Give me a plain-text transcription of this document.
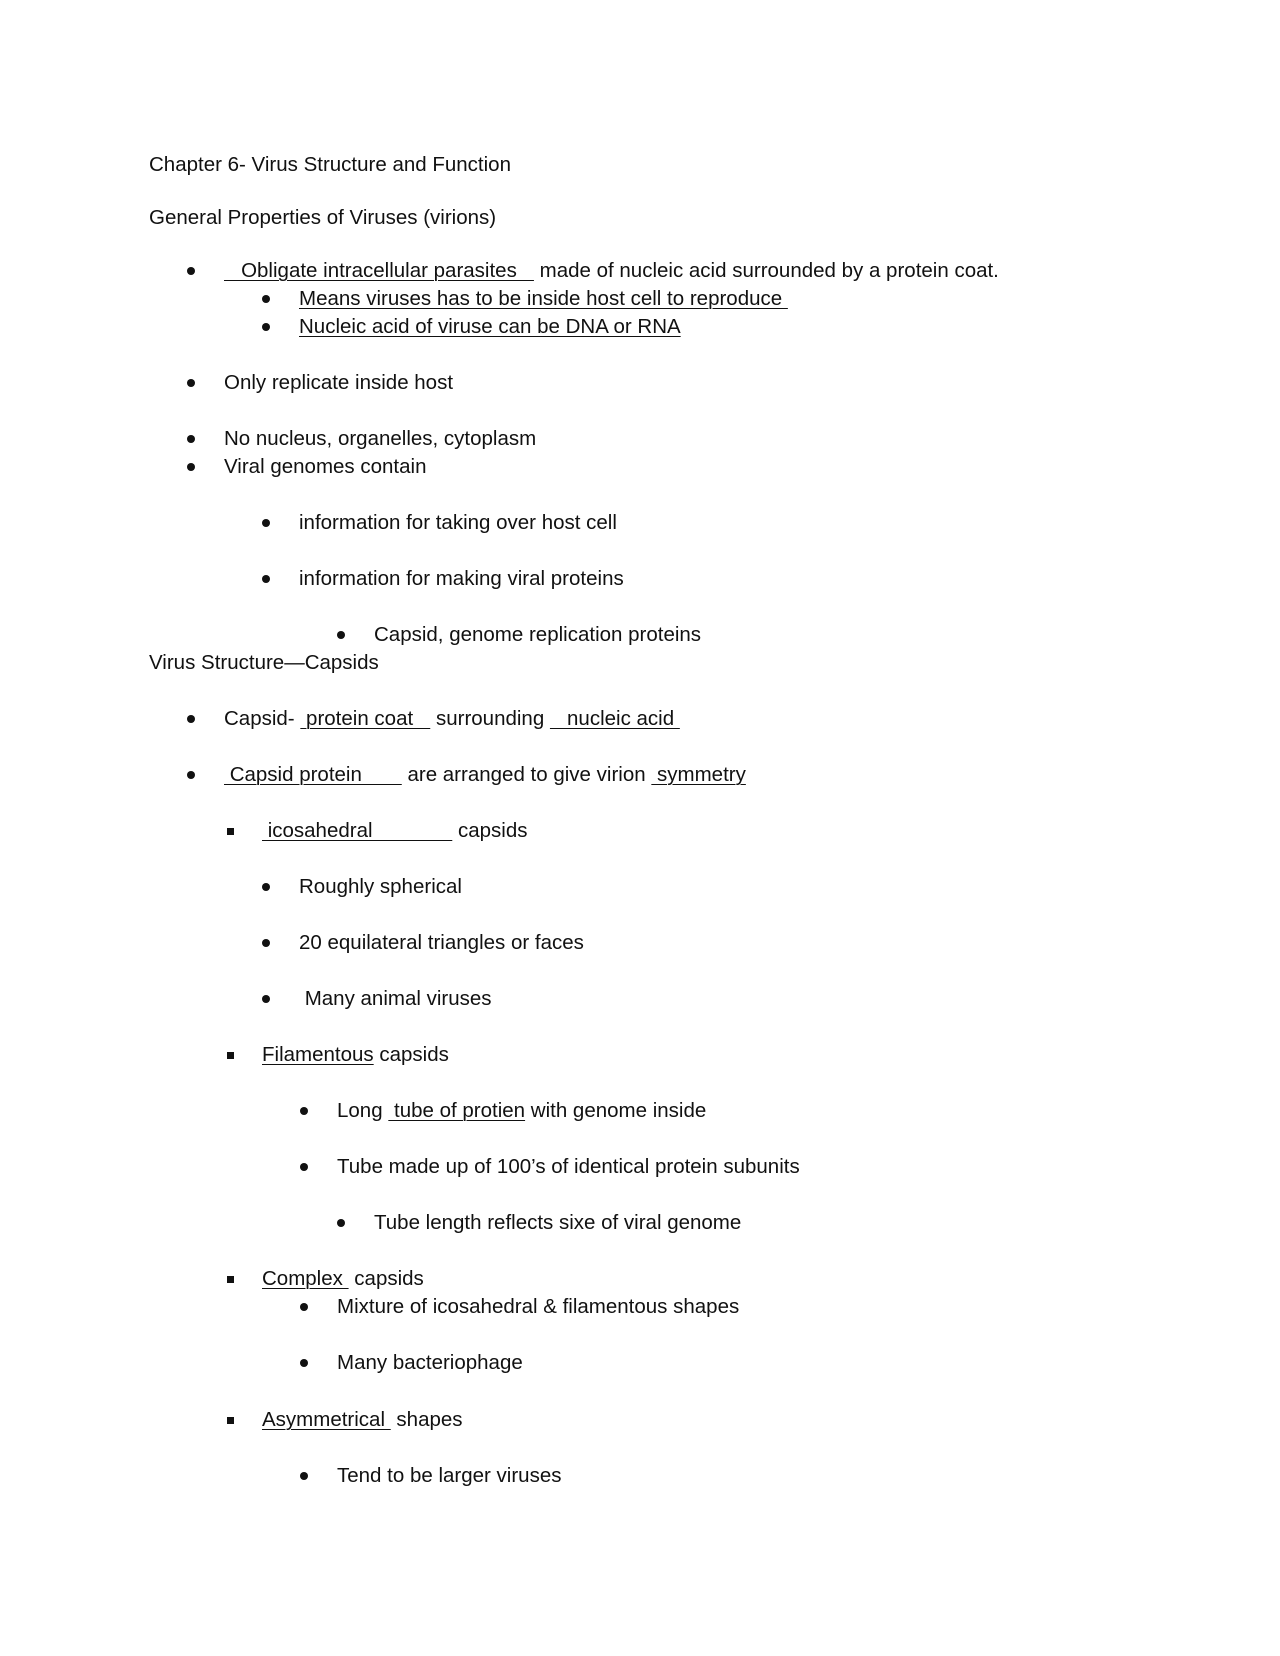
Chapter 6- Virus Structure and Function
General Properties of Viruses (virions)
Obligate intracellular parasites    made of nucleic acid surrounded by a protein coat.
Means viruses has to be inside host cell to reproduce
Nucleic acid of viruse can be DNA or RNA
Only replicate inside host
No nucleus, organelles, cytoplasm
Viral genomes contain
information for taking over host cell
information for making viral proteins
Capsid, genome replication proteins
Virus Structure—Capsids
Capsid-  protein coat    surrounding    nucleic acid
Capsid protein        are arranged to give virion  symmetry
icosahedral               capsids
Roughly spherical
20 equilateral triangles or faces
Many animal viruses
Filamentous capsids
Long  tube of protien with genome inside
Tube made up of 100’s of identical protein subunits
Tube length reflects sixe of viral genome
Complex  capsids
Mixture of icosahedral & filamentous shapes
Many bacteriophage
Asymmetrical  shapes
Tend to be larger viruses
